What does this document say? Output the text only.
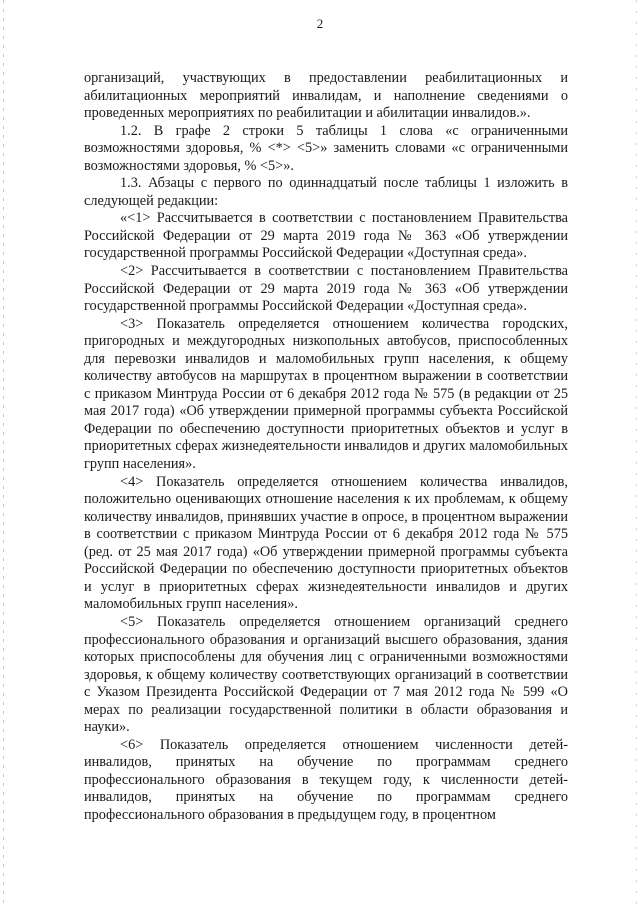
2

организаций, участвующих в предоставлении реабилитационных и абилитационных мероприятий инвалидам, и наполнение сведениями о проведенных мероприятиях по реабилитации и абилитации инвалидов.».

1.2. В графе 2 строки 5 таблицы 1 слова «с ограниченными возможностями здоровья, % <*> <5>» заменить словами «с ограниченными возможностями здоровья, % <5>».

1.3. Абзацы с первого по одиннадцатый после таблицы 1 изложить в следующей редакции:

«<1> Рассчитывается в соответствии с постановлением Правительства Российской Федерации от 29 марта 2019 года № 363 «Об утверждении государственной программы Российской Федерации «Доступная среда».

<2> Рассчитывается в соответствии с постановлением Правительства Российской Федерации от 29 марта 2019 года № 363 «Об утверждении государственной программы Российской Федерации «Доступная среда».

<3> Показатель определяется отношением количества городских, пригородных и междугородных низкопольных автобусов, приспособленных для перевозки инвалидов и маломобильных групп населения, к общему количеству автобусов на маршрутах в процентном выражении в соответствии с приказом Минтруда России от 6 декабря 2012 года № 575 (в редакции от 25 мая 2017 года) «Об утверждении примерной программы субъекта Российской Федерации по обеспечению доступности приоритетных объектов и услуг в приоритетных сферах жизнедеятельности инвалидов и других маломобильных групп населения».

<4> Показатель определяется отношением количества инвалидов, положительно оценивающих отношение населения к их проблемам, к общему количеству инвалидов, принявших участие в опросе, в процентном выражении в соответствии с приказом Минтруда России от 6 декабря 2012 года № 575 (ред. от 25 мая 2017 года) «Об утверждении примерной программы субъекта Российской Федерации по обеспечению доступности приоритетных объектов и услуг в приоритетных сферах жизнедеятельности инвалидов и других маломобильных групп населения».

<5> Показатель определяется отношением организаций среднего профессионального образования и организаций высшего образования, здания которых приспособлены для обучения лиц с ограниченными возможностями здоровья, к общему количеству соответствующих организаций в соответствии с Указом Президента Российской Федерации от 7 мая 2012 года № 599 «О мерах по реализации государственной политики в области образования и науки».

<6> Показатель определяется отношением численности детей-инвалидов, принятых на обучение по программам среднего профессионального образования в текущем году, к численности детей-инвалидов, принятых на обучение по программам среднего профессионального образования в предыдущем году, в процентном
